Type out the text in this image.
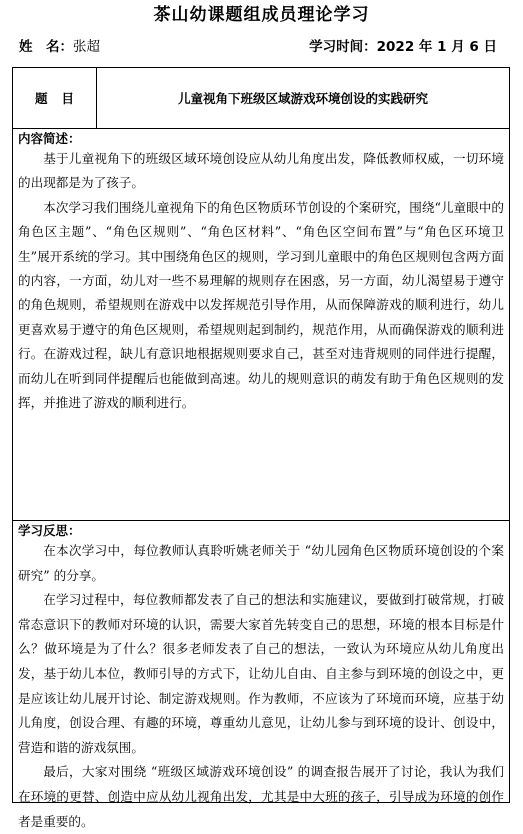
茶山幼课题组成员理论学习
姓　名：张超	学习时间：2022 年 1 月 6 日
题目	儿童视角下班级区域游戏环境创设的实践研究
内容简述：

基于儿童视角下的班级区域环境创设应从幼儿角度出发，降低教师权威，一切环境的出现都是为了孩子。

本次学习我们围绕儿童视角下的角色区物质环节创设的个案研究，围绕“儿童眼中的角色区主题”、“角色区规则”、“角色区材料”、“角色区空间布置”与“角色区环境卫生”展开系统的学习。其中围绕角色区的规则，学习到儿童眼中的角色区规则包含两方面的内容，一方面，幼儿对一些不易理解的规则存在困惑，另一方面，幼儿渴望易于遵守的角色规则，希望规则在游戏中以发挥规范引导作用，从而保障游戏的顺利进行，幼儿更喜欢易于遵守的角色区规则，希望规则起到制约，规范作用，从而确保游戏的顺利进行。在游戏过程，缺儿有意识地根据规则要求自己，甚至对违背规则的同伴进行提醒，而幼儿在听到同伴提醒后也能做到高速。幼儿的规则意识的萌发有助于角色区规则的发挥，并推进了游戏的顺利进行。

学习反思：

在本次学习中，每位教师认真聆听姚老师关于 “幼儿园角色区物质环境创设的个案研究” 的分享。

在学习过程中，每位教师都发表了自己的想法和实施建议，要做到打破常规，打破常态意识下的教师对环境的认识，需要大家首先转变自己的思想，环境的根本目标是什么？做环境是为了什么？很多老师发表了自己的想法，一致认为环境应从幼儿角度出发，基于幼儿本位，教师引导的方式下，让幼儿自由、自主参与到环境的创设之中，更是应该让幼儿展开讨论、制定游戏规则。作为教师，不应该为了环境而环境，应基于幼儿角度，创设合理、有趣的环境，尊重幼儿意见，让幼儿参与到环境的设计、创设中，营造和谐的游戏氛围。

最后，大家对围绕 “班级区域游戏环境创设” 的调查报告展开了讨论，我认为我们在环境的更替、创造中应从幼儿视角出发，尤其是中大班的孩子，引导成为环境的创作者是重要的。
